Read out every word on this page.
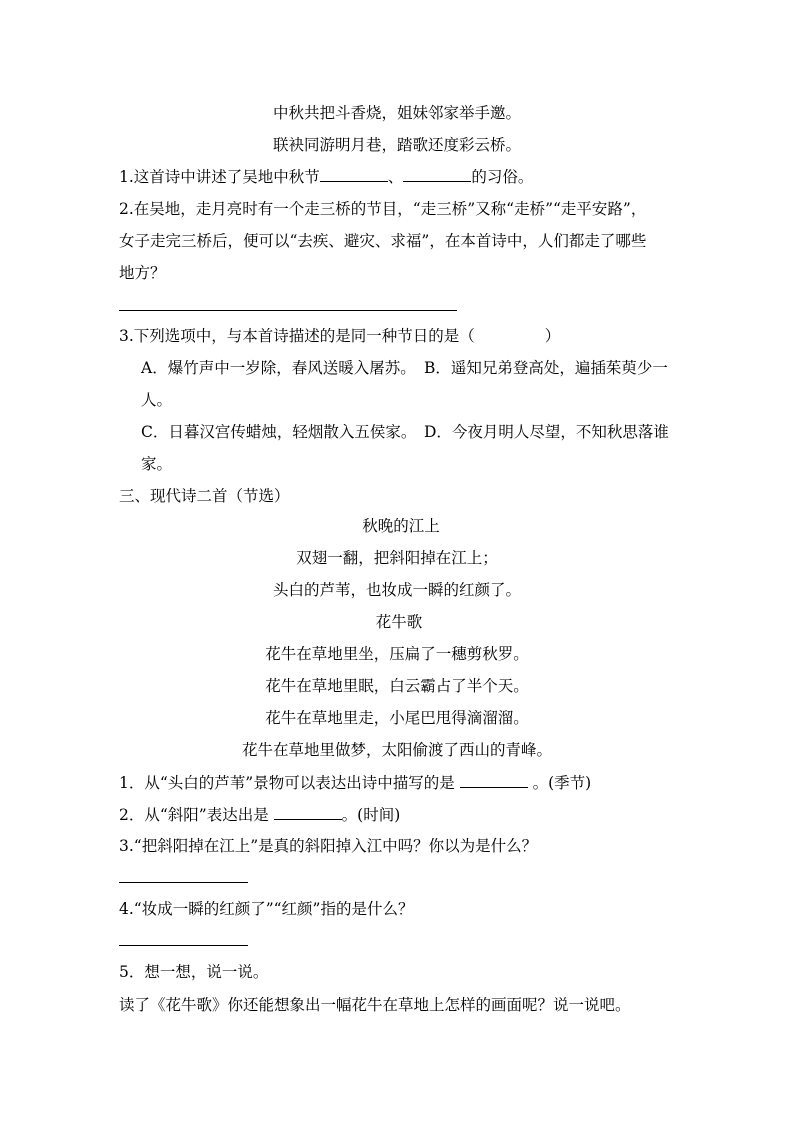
中秋共把斗香烧，姐妹邻家举手邀。
联袂同游明月巷，踏歌还度彩云桥。
1.这首诗中讲述了吴地中秋节	、	的习俗。
2.在吴地，走月亮时有一个走三桥的节目，“走三桥”又称“走桥”“走平安路”，
女子走完三桥后，便可以“去疾、避灾、求福”，在本首诗中，人们都走了哪些
地方？
3.下列选项中，与本首诗描述的是同一种节日的是（	）
A．爆竹声中一岁除，春风送暖入屠苏。 B．遥知兄弟登高处，遍插茱萸少一
人。
C．日暮汉宫传蜡烛，轻烟散入五侯家。 D．今夜月明人尽望，不知秋思落谁
家。
三、现代诗二首（节选）
秋晚的江上
双翅一翻，把斜阳掉在江上；
头白的芦苇，也妆成一瞬的红颜了。
花牛歌
花牛在草地里坐，压扁了一穗剪秋罗。
花牛在草地里眠，白云霸占了半个天。
花牛在草地里走，小尾巴甩得滴溜溜。
花牛在草地里做梦，太阳偷渡了西山的青峰。
1．从“头白的芦苇”景物可以表达出诗中描写的是	。(季节)
2．从“斜阳”表达出是	。(时间)
3.“把斜阳掉在江上”是真的斜阳掉入江中吗？你以为是什么？
4.“妆成一瞬的红颜了”“红颜”指的是什么？
5．想一想，说一说。
读了《花牛歌》你还能想象出一幅花牛在草地上怎样的画面呢？说一说吧。
